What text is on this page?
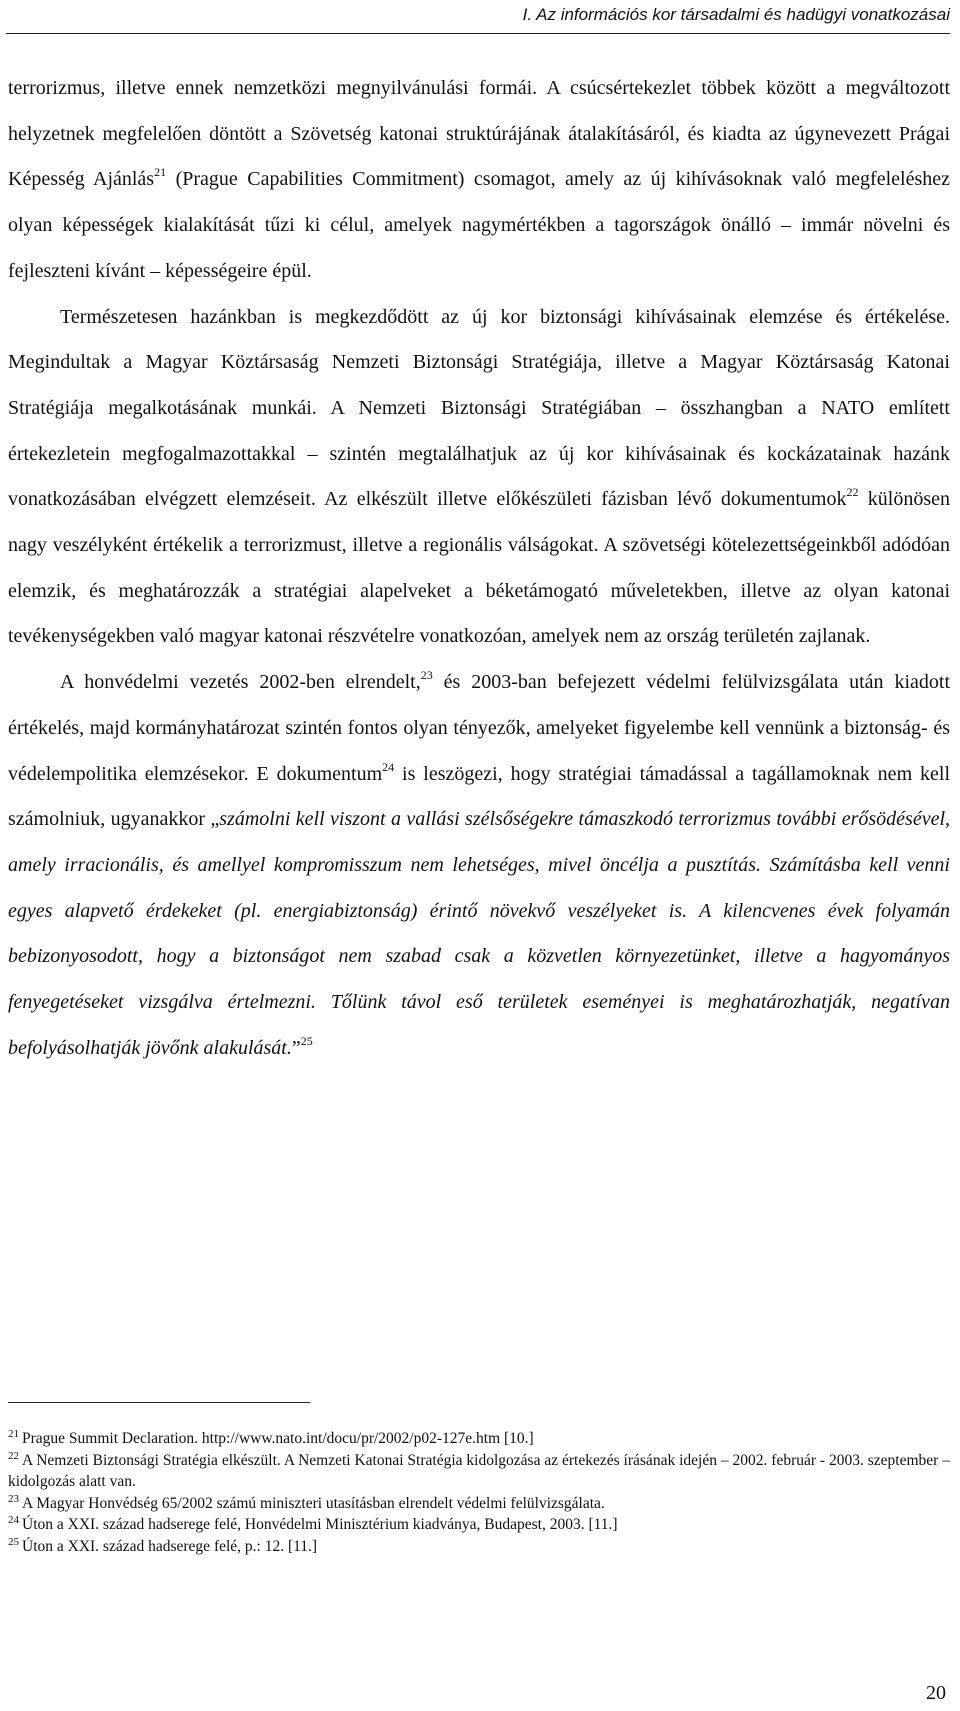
I. Az információs kor társadalmi és hadügyi vonatkozásai

terrorizmus, illetve ennek nemzetközi megnyilvánulási formái. A csúcsértekezlet többek között a megváltozott helyzetnek megfelelően döntött a Szövetség katonai struktúrájának átalakításáról, és kiadta az úgynevezett Prágai Képesség Ajánlás$^{21}$ (Prague Capabilities Commitment) csomagot, amely az új kihívásoknak való megfeleléshez olyan képességek kialakítását tűzi ki célul, amelyek nagymértékben a tagországok önálló – immár növelni és fejleszteni kívánt – képességeire épül.

Természetesen hazánkban is megkezdődött az új kor biztonsági kihívásainak elemzése és értékelése. Megindultak a Magyar Köztársaság Nemzeti Biztonsági Stratégiája, illetve a Magyar Köztársaság Katonai Stratégiája megalkotásának munkái. A Nemzeti Biztonsági Stratégiában – összhangban a NATO említett értekezletein megfogalmazottakkal – szintén megtalálhatjuk az új kor kihívásainak és kockázatainak hazánk vonatkozásában elvégzett elemzéseit. Az elkészült illetve előkészületi fázisban lévő dokumentumok$^{22}$ különösen nagy veszélyként értékelik a terrorizmust, illetve a regionális válságokat. A szövetségi kötelezettségeinkből adódóan elemzik, és meghatározzák a stratégiai alapelveket a béketámogató műveletekben, illetve az olyan katonai tevékenységekben való magyar katonai részvételre vonatkozóan, amelyek nem az ország területén zajlanak.

A honvédelmi vezetés 2002-ben elrendelt,$^{23}$ és 2003-ban befejezett védelmi felülvizsgálata után kiadott értékelés, majd kormányhatározat szintén fontos olyan tényezők, amelyeket figyelembe kell vennünk a biztonság- és védelempolitika elemzésekor. E dokumentum$^{24}$ is leszögezi, hogy stratégiai támadással a tagállamoknak nem kell számolniuk, ugyanakkor „számolni kell viszont a vallási szélsőségekre támaszkodó terrorizmus további erősödésével, amely irracionális, és amellyel kompromisszum nem lehetséges, mivel öncélja a pusztítás. Számításba kell venni egyes alapvető érdekeket (pl. energiabiztonság) érintő növekvő veszélyeket is. A kilencvenes évek folyamán bebizonyosodott, hogy a biztonságot nem szabad csak a közvetlen környezetünket, illetve a hagyományos fenyegetéseket vizsgálva értelmezni. Tőlünk távol eső területek eseményei is meghatározhatják, negatívan befolyásolhatják jövőnk alakulását.”$^{25}$

$^{21}$ Prague Summit Declaration. http://www.nato.int/docu/pr/2002/p02-127e.htm [10.]

$^{22}$ A Nemzeti Biztonsági Stratégia elkészült. A Nemzeti Katonai Stratégia kidolgozása az értekezés írásának idején – 2002. február - 2003. szeptember – kidolgozás alatt van.

$^{23}$ A Magyar Honvédség 65/2002 számú miniszteri utasításban elrendelt védelmi felülvizsgálata.

$^{24}$ Úton a XXI. század hadserege felé, Honvédelmi Minisztérium kiadványa, Budapest, 2003. [11.]

$^{25}$ Úton a XXI. század hadserege felé, p.: 12. [11.]

20
